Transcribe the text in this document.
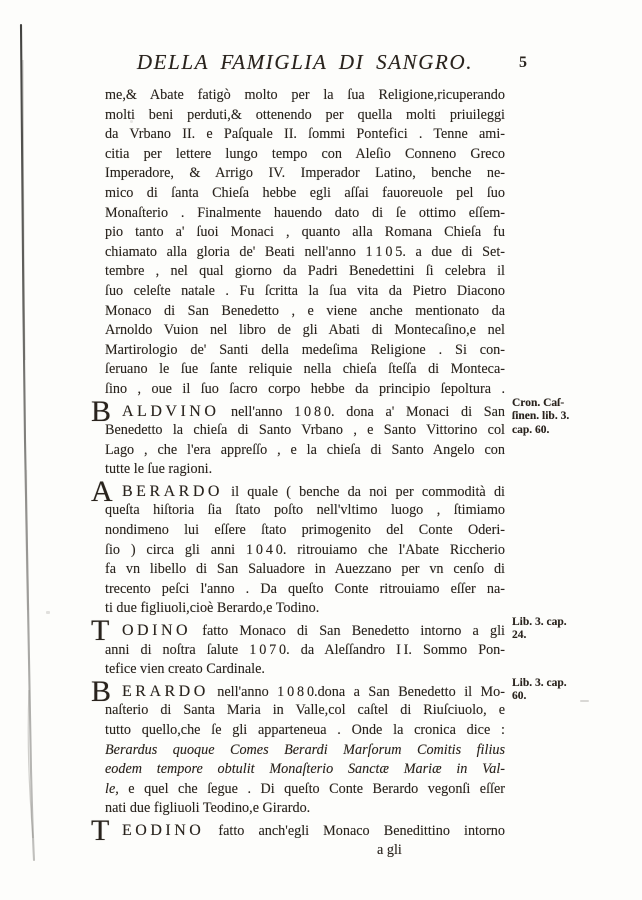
DELLA FAMIGLIA DI SANGRO.	5
me,& Abate fatigò molto per la ſua Religione,ricuperando
molti beni perduti,& ottenendo per quella molti priuileggi
da Vrbano II. e Paſquale II. ſommi Pontefici . Tenne ami-
citia per lettere lungo tempo con Aleſio Conneno Greco
Imperadore, & Arrigo IV. Imperador Latino, benche ne-
mico di ſanta Chieſa hebbe egli aſſai fauoreuole pel ſuo
Monaſterio . Finalmente hauendo dato di ſe ottimo eſſem-
pio tanto a' ſuoi Monaci , quanto alla Romana Chieſa fu
chiamato alla gloria de' Beati nell'anno 1 1 0 5. a due di Set-
tembre , nel qual giorno da Padri Benedettini ſi celebra il
ſuo celeſte natale . Fu ſcritta la ſua vita da Pietro Diacono
Monaco di San Benedetto , e viene anche mentionato da
Arnoldo Vuion nel libro de gli Abati di Montecaſino,e nel
Martirologio de' Santi della medeſima Religione . Si con-
ſeruano le ſue ſante reliquie nella chieſa ſteſſa di Monteca-
ſino , oue il ſuo ſacro corpo hebbe da principio ſepoltura .
B ALDVINO nell'anno 1 0 8 0. dona a' Monaci di San
Benedetto la chieſa di Santo Vrbano , e Santo Vittorino col
Lago , che l'era appreſſo , e la chieſa di Santo Angelo con
tutte le ſue ragioni.
A BERARDO il quale ( benche da noi per commodità di
queſta hiſtoria ſia ſtato poſto nell'vltimo luogo , ſtimiamo
nondimeno lui eſſere ſtato primogenito del Conte Oderi-
ſio ) circa gli anni 1 0 4 0. ritrouiamo che l'Abate Riccherio
fa vn libello di San Saluadore in Auezzano per vn cenſo di
trecento peſci l'anno . Da queſto Conte ritrouiamo eſſer na-
ti due figliuoli,cioè Berardo,e Todino.
T ODINO fatto Monaco di San Benedetto intorno a gli
anni di noſtra ſalute 1 0 7 0. da Aleſſandro I I. Sommo Pon-
tefice vien creato Cardinale.
B ERARDO nell'anno 1 0 8 0.dona a San Benedetto il Mo-
naſterio di Santa Maria in Valle,col caſtel di Riuſciuolo, e
tutto quello,che ſe gli apparteneua . Onde la cronica dice :
Berardus quoque Comes Berardi Marſorum Comitis filius
eodem tempore obtulit Monaſterio Sanctæ Mariæ in Val-
le, e quel che ſegue . Di queſto Conte Berardo vegonſi eſſer
nati due figliuoli Teodino,e Girardo.
T EODINO fatto anch'egli Monaco Benedittino intorno
a gli
Cron. Caſ-
ſinen. lib. 3.
cap. 60.
Lib. 3. cap.
24.
Lib. 3. cap.
60.
